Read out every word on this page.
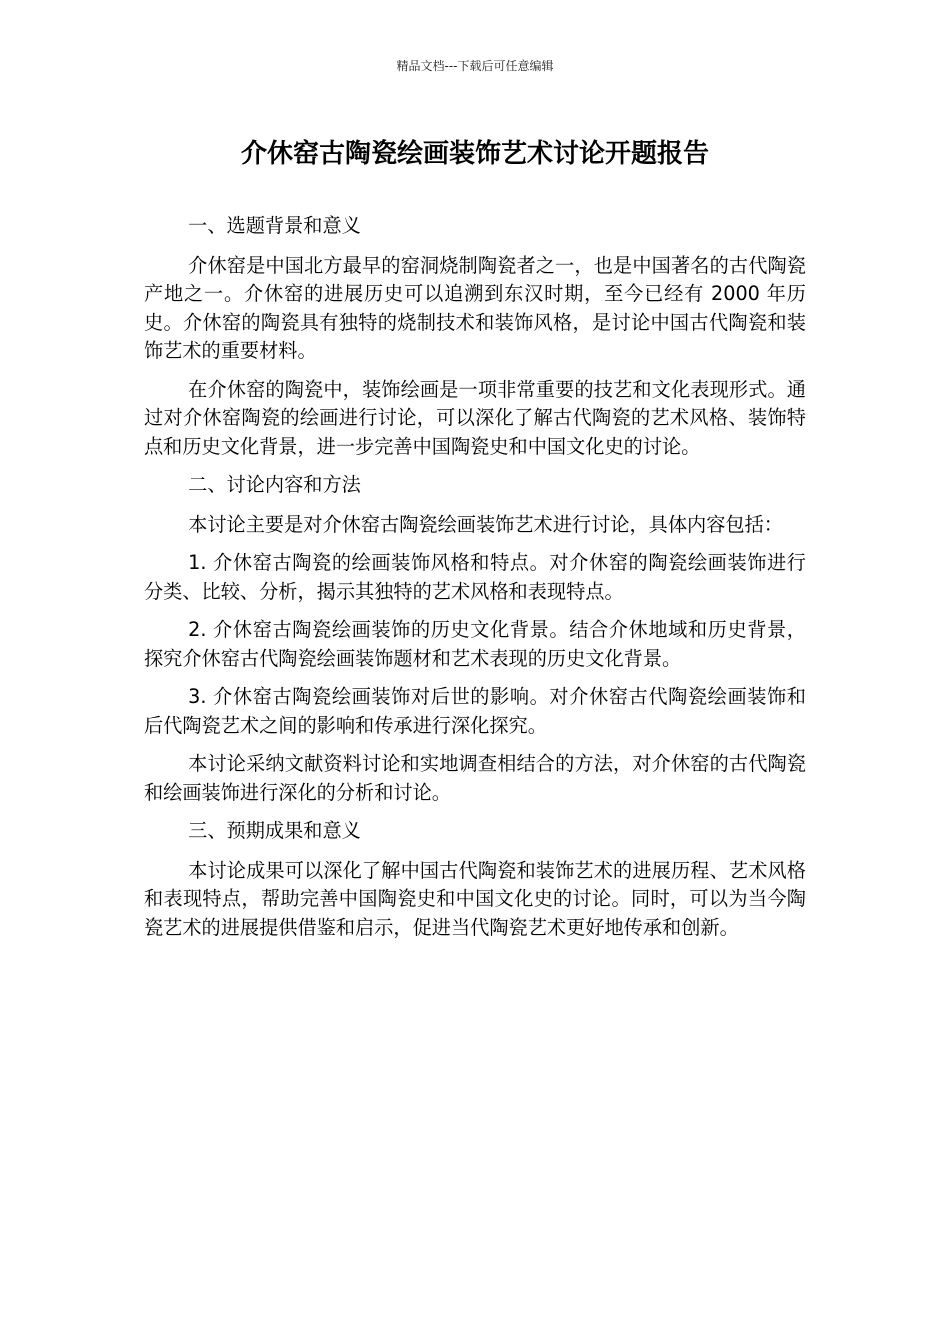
精品文档---下载后可任意编辑
介休窑古陶瓷绘画装饰艺术讨论开题报告

一、选题背景和意义

介休窑是中国北方最早的窑洞烧制陶瓷者之一，也是中国著名的古代陶瓷产地之一。介休窑的进展历史可以追溯到东汉时期，至今已经有 2000 年历史。介休窑的陶瓷具有独特的烧制技术和装饰风格，是讨论中国古代陶瓷和装饰艺术的重要材料。

在介休窑的陶瓷中，装饰绘画是一项非常重要的技艺和文化表现形式。通过对介休窑陶瓷的绘画进行讨论，可以深化了解古代陶瓷的艺术风格、装饰特点和历史文化背景，进一步完善中国陶瓷史和中国文化史的讨论。

二、讨论内容和方法

本讨论主要是对介休窑古陶瓷绘画装饰艺术进行讨论，具体内容包括：

1. 介休窑古陶瓷的绘画装饰风格和特点。对介休窑的陶瓷绘画装饰进行分类、比较、分析，揭示其独特的艺术风格和表现特点。

2. 介休窑古陶瓷绘画装饰的历史文化背景。结合介休地域和历史背景，探究介休窑古代陶瓷绘画装饰题材和艺术表现的历史文化背景。

3. 介休窑古陶瓷绘画装饰对后世的影响。对介休窑古代陶瓷绘画装饰和后代陶瓷艺术之间的影响和传承进行深化探究。

本讨论采纳文献资料讨论和实地调查相结合的方法，对介休窑的古代陶瓷和绘画装饰进行深化的分析和讨论。

三、预期成果和意义

本讨论成果可以深化了解中国古代陶瓷和装饰艺术的进展历程、艺术风格和表现特点，帮助完善中国陶瓷史和中国文化史的讨论。同时，可以为当今陶瓷艺术的进展提供借鉴和启示，促进当代陶瓷艺术更好地传承和创新。
